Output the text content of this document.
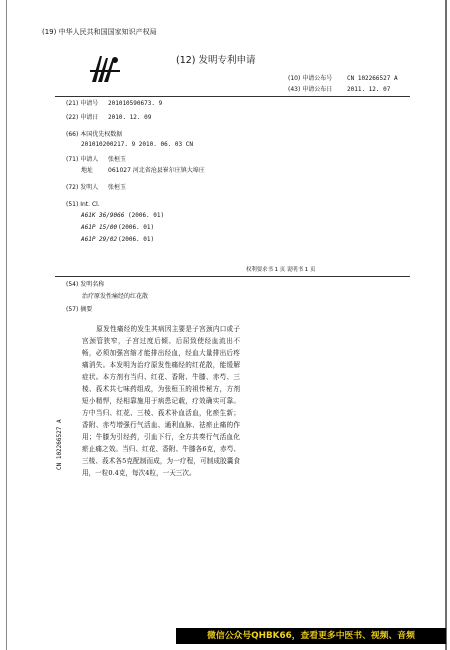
(19) 中华人民共和国国家知识产权局
(12) 发明专利申请
(10) 申请公布号 CN 102266527 A
(43) 申请公布日 2011. 12. 07
(21) 申请号 201010590673. 9
(22) 申请日 2010. 12. 09
(66) 本国优先权数据
201010200217. 9 2010. 06. 03 CN
(71) 申请人 张桓玉
地址 061027 河北省沧县崔尔庄镇大埠庄
(72) 发明人 张桓玉
(51) Int. Cl.
A61K 36/9066 (2006. 01)
A61P 15/00 (2006. 01)
A61P 29/02 (2006. 01)
权利要求书 1 页 说明书 1 页
(54) 发明名称
治疗原发性痛经的红花散
(57) 摘要
原发性痛经的发生其病因主要是子宫颈内口或子宫颈管狭窄，子宫过度后倾、后屈致使经血流出不畅，必须加强宫缩才能排出经血，经血大量排出后疼痛消失。本发明为治疗原发性痛经的红花散，能缓解症状。本方剂有当归、红花、香附、牛膝、赤芍、三棱、莪术共七味药组成，为张桓玉的祖传秘方，方剂短小精悍，经相靠施用于病患记载，疗效确实可靠。方中当归、红花、三棱、莪术补血活血，化瘀生新；香附、赤芍增强行气活血、通利血脉、祛瘀止痛的作用；牛膝为引经药，引血下行，全方共奏行气活血化瘀止痛之效。当归、红花、香附、牛膝各6克，赤芍、三棱、莪术各5克配制而成，为一疗程，可制成胶囊食用，一粒0.4克，每次4粒，一天三次。
CN 102266527 A
微信公众号QHBK66，查看更多中医书、视频、音频
